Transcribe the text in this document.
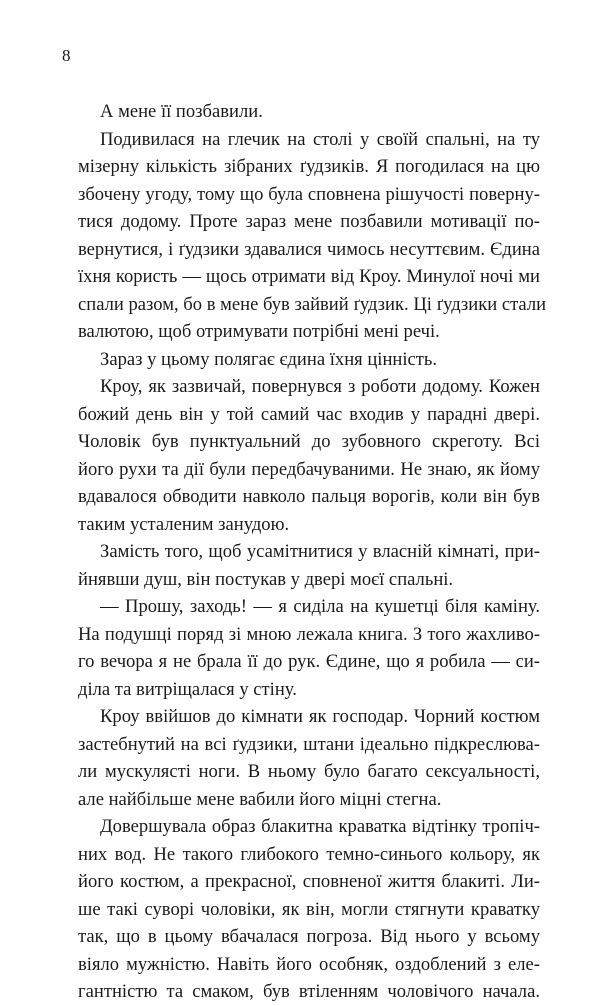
8
А мене її позбавили.
Подивилася на глечик на столі у своїй спальні, на ту
мізерну кількість зібраних ґудзиків. Я погодилася на цю
збочену угоду, тому що була сповнена рішучості поверну-
тися додому. Проте зараз мене позбавили мотивації по-
вернутися, і ґудзики здавалися чимось несуттєвим. Єдина
їхня користь — щось отримати від Кроу. Минулої ночі ми
спали разом, бо в мене був зайвий ґудзик. Ці ґудзики стали
валютою, щоб отримувати потрібні мені речі.
Зараз у цьому полягає єдина їхня цінність.
Кроу, як зазвичай, повернувся з роботи додому. Кожен
божий день він у той самий час входив у парадні двері.
Чоловік був пунктуальний до зубовного скреготу. Всі
його рухи та дії були передбачуваними. Не знаю, як йому
вдавалося обводити навколо пальця ворогів, коли він був
таким усталеним занудою.
Замість того, щоб усамітнитися у власній кімнаті, при-
йнявши душ, він постукав у двері моєї спальні.
— Прошу, заходь! — я сиділа на кушетці біля каміну.
На подушці поряд зі мною лежала книга. З того жахливо-
го вечора я не брала її до рук. Єдине, що я робила — си-
діла та витріщалася у стіну.
Кроу ввійшов до кімнати як господар. Чорний костюм
застебнутий на всі ґудзики, штани ідеально підкреслюва-
ли мускулясті ноги. В ньому було багато сексуальності,
але найбільше мене вабили його міцні стегна.
Довершувала образ блакитна краватка відтінку тропіч-
них вод. Не такого глибокого темно-синього кольору, як
його костюм, а прекрасної, сповненої життя блакиті. Ли-
ше такі суворі чоловіки, як він, могли стягнути краватку
так, що в цьому вбачалася погроза. Від нього у всьому
віяло мужністю. Навіть його особняк, оздоблений з еле-
гантністю та смаком, був втіленням чоловічого начала.
